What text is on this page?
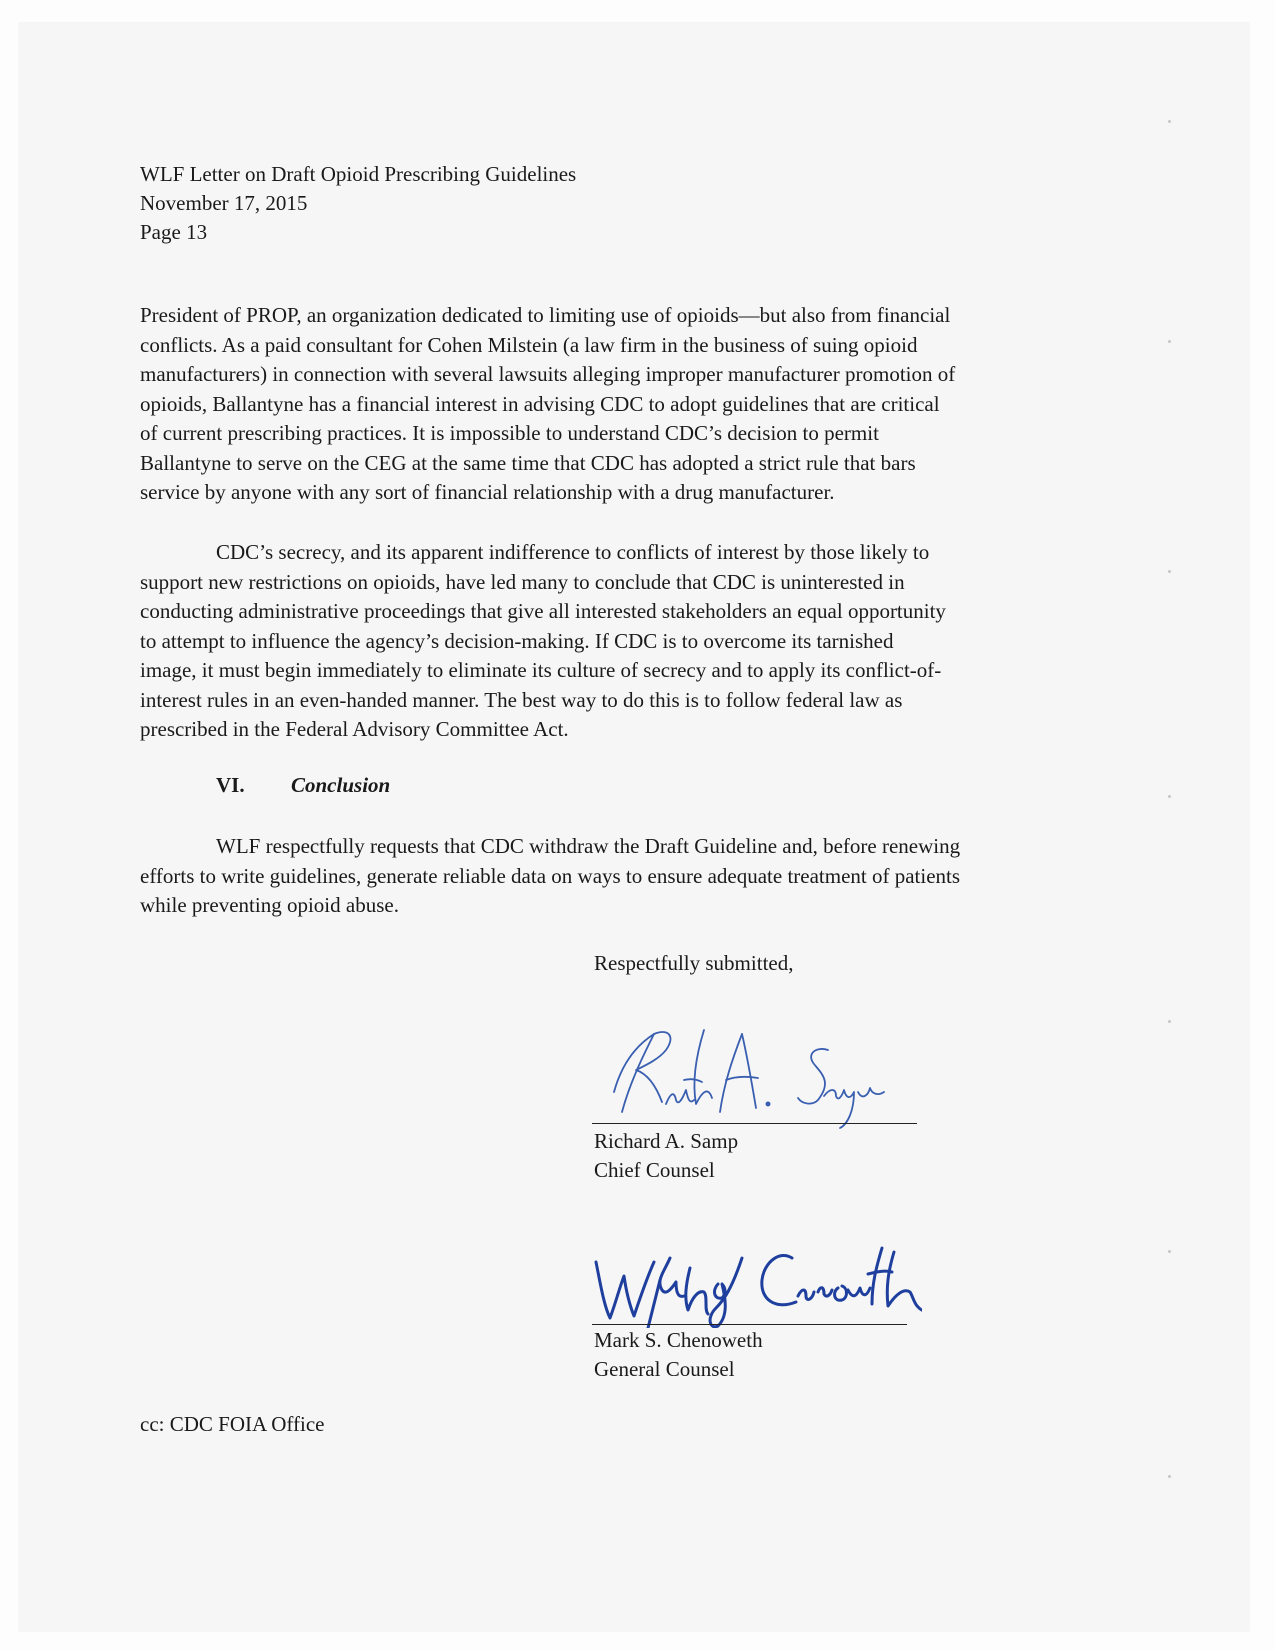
WLF Letter on Draft Opioid Prescribing Guidelines
November 17, 2015
Page 13
President of PROP, an organization dedicated to limiting use of opioids—but also from financial
conflicts. As a paid consultant for Cohen Milstein (a law firm in the business of suing opioid
manufacturers) in connection with several lawsuits alleging improper manufacturer promotion of
opioids, Ballantyne has a financial interest in advising CDC to adopt guidelines that are critical
of current prescribing practices. It is impossible to understand CDC’s decision to permit
Ballantyne to serve on the CEG at the same time that CDC has adopted a strict rule that bars
service by anyone with any sort of financial relationship with a drug manufacturer.
CDC’s secrecy, and its apparent indifference to conflicts of interest by those likely to
support new restrictions on opioids, have led many to conclude that CDC is uninterested in
conducting administrative proceedings that give all interested stakeholders an equal opportunity
to attempt to influence the agency’s decision-making. If CDC is to overcome its tarnished
image, it must begin immediately to eliminate its culture of secrecy and to apply its conflict-of-
interest rules in an even-handed manner. The best way to do this is to follow federal law as
prescribed in the Federal Advisory Committee Act.
VI. Conclusion
WLF respectfully requests that CDC withdraw the Draft Guideline and, before renewing
efforts to write guidelines, generate reliable data on ways to ensure adequate treatment of patients
while preventing opioid abuse.
Respectfully submitted,
Richard A. Samp
Chief Counsel
Mark S. Chenoweth
General Counsel
cc: CDC FOIA Office
